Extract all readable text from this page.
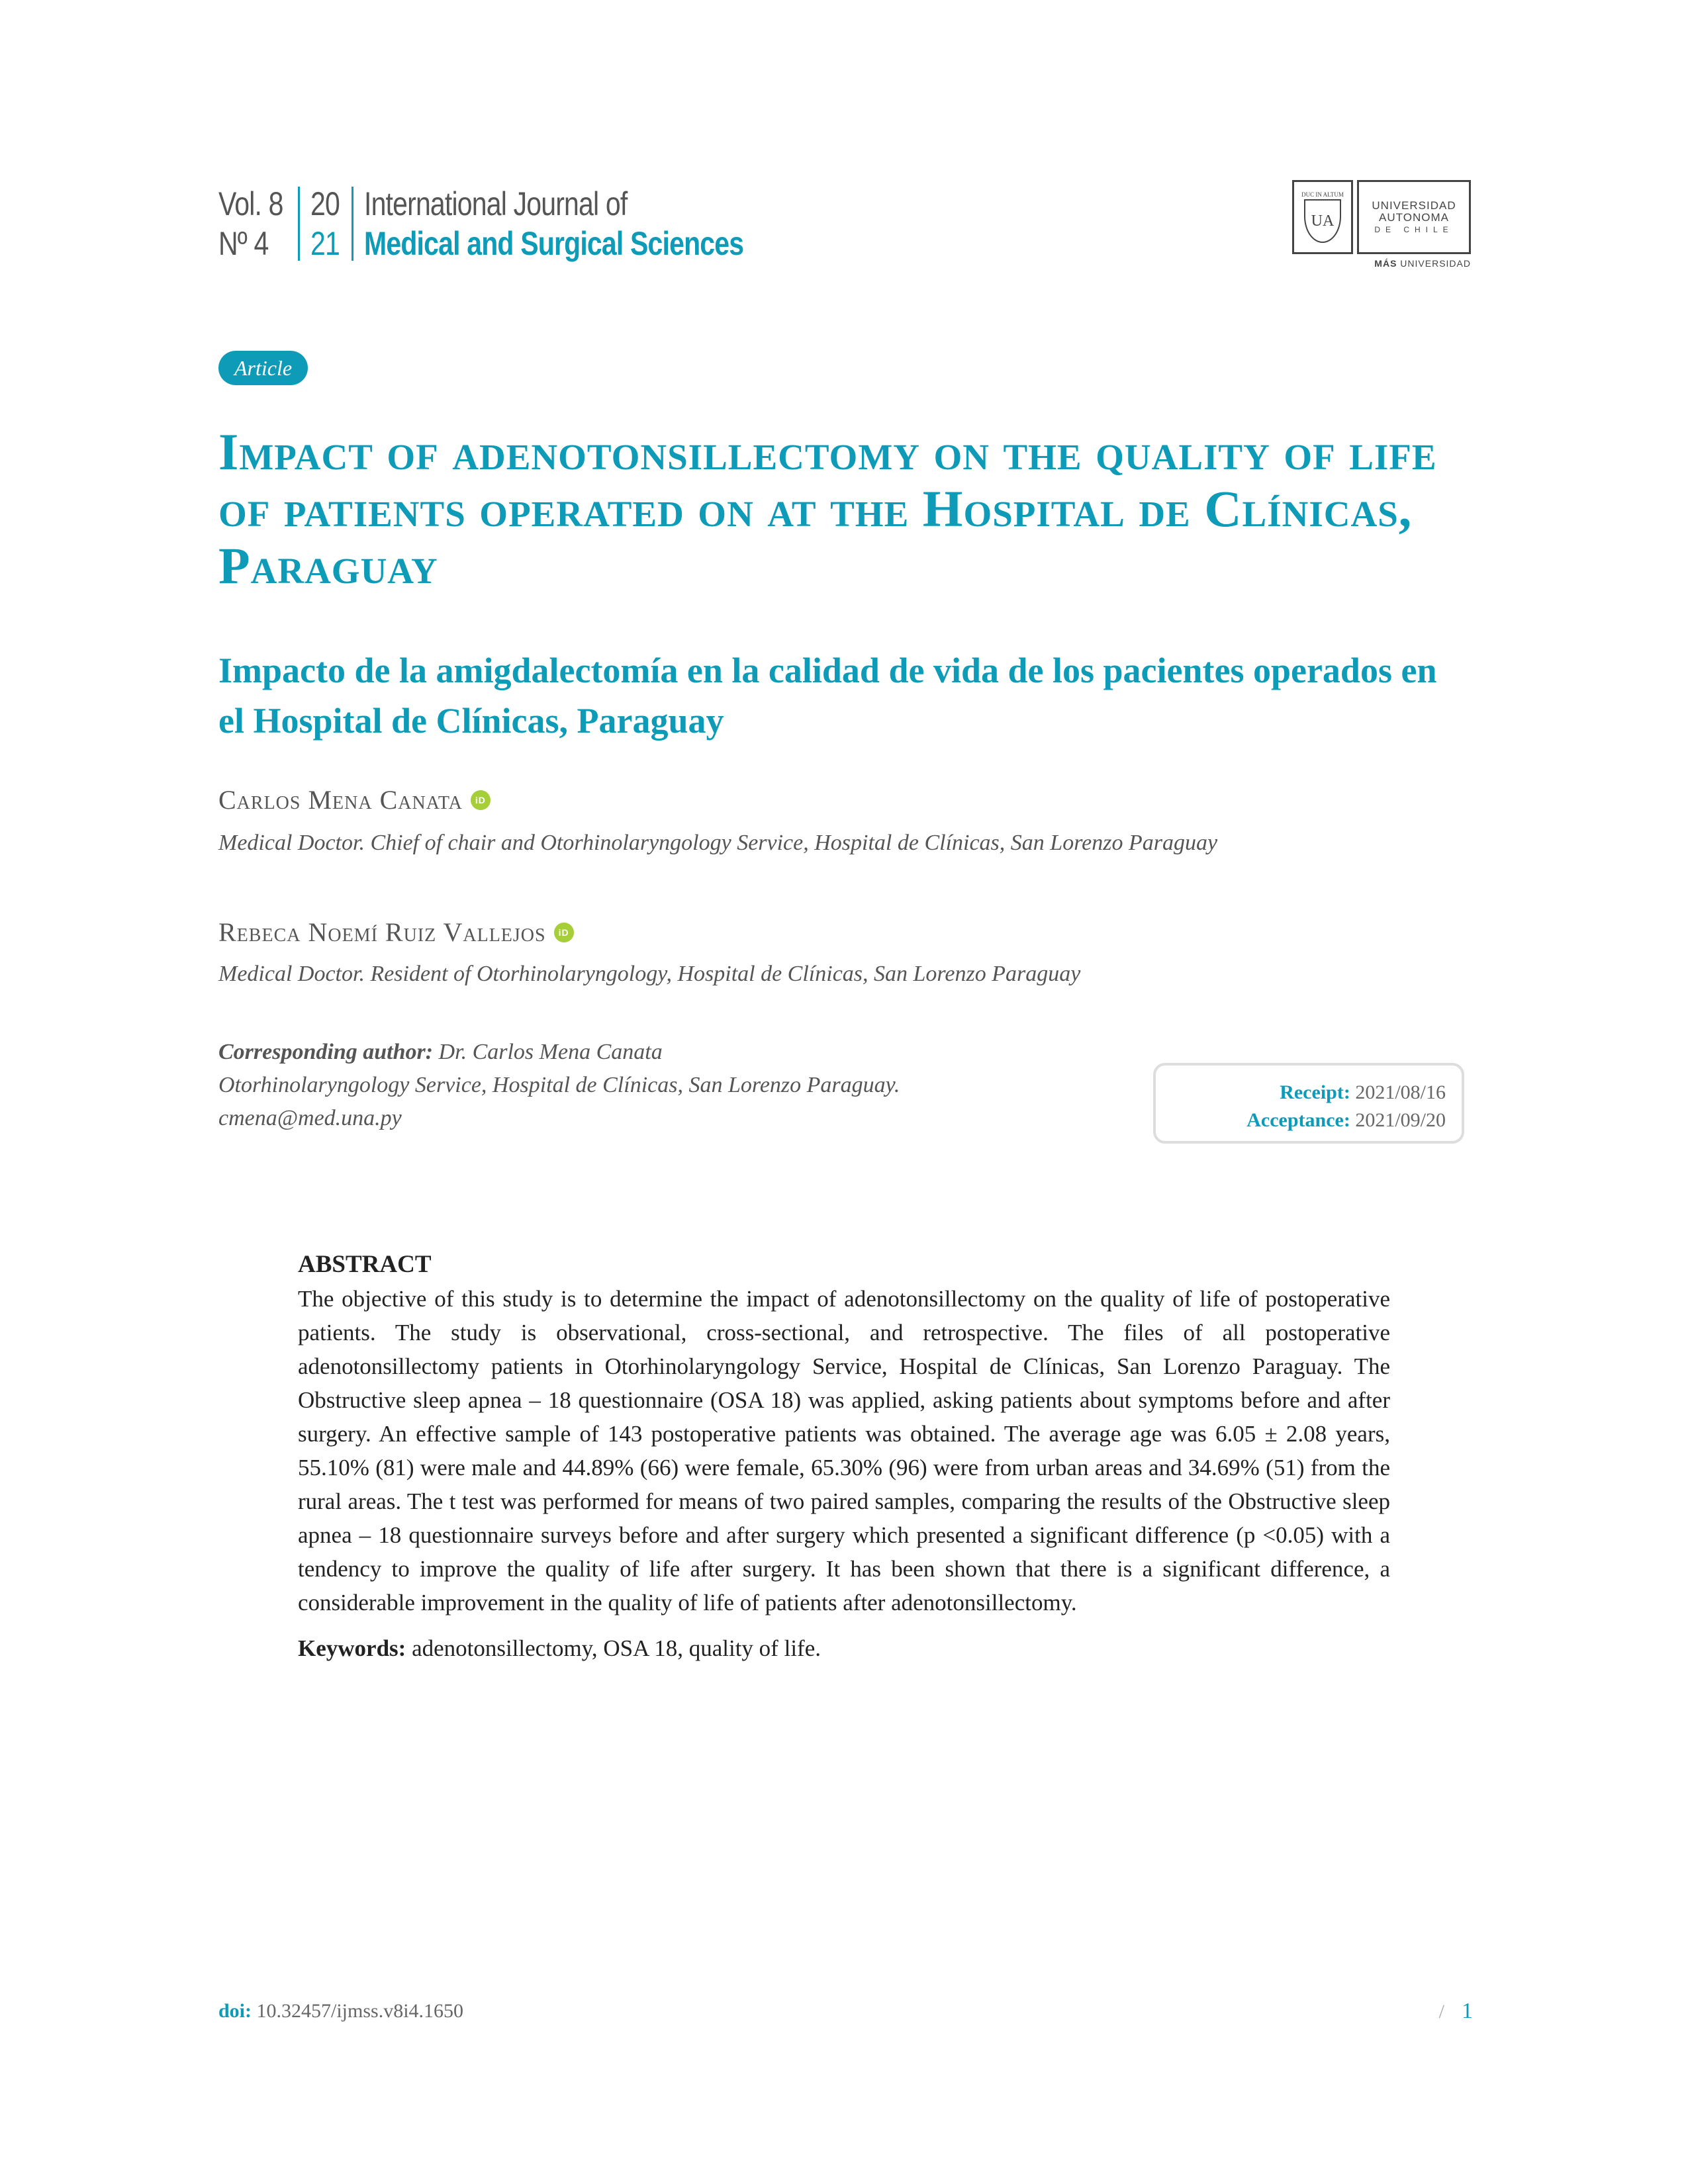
Vol. 8
Nº 4
20
21
International Journal of
Medical and Surgical Sciences
DUC IN ALTUM
UA
UNIVERSIDAD
AUTONOMA
DE CHILE
MÁS UNIVERSIDAD
Article
Impact of adenotonsillectomy on the quality of life of patients operated on at the Hospital de Clínicas, Paraguay
Impacto de la amigdalectomía en la calidad de vida de los pacientes operados en el Hospital de Clínicas, Paraguay
Carlos Mena Canata	iD
Medical Doctor. Chief of chair and Otorhinolaryngology Service, Hospital de Clínicas, San Lorenzo Paraguay
Rebeca Noemí Ruiz Vallejos	iD
Medical Doctor. Resident of Otorhinolaryngology, Hospital de Clínicas, San Lorenzo Paraguay
Corresponding author: Dr. Carlos Mena Canata
Otorhinolaryngology Service, Hospital de Clínicas, San Lorenzo Paraguay.
cmena@med.una.py
Receipt: 2021/08/16
Acceptance: 2021/09/20
ABSTRACT

The objective of this study is to determine the impact of adenotonsillectomy on the quality of life of postoperative patients. The study is observational, cross-sectional, and retrospective. The files of all postoperative adenotonsillectomy patients in Otorhinolaryngology Service, Hospital de Clínicas, San Lorenzo Paraguay. The Obstructive sleep apnea – 18 questionnaire (OSA 18) was applied, asking patients about symptoms before and after surgery. An effective sample of 143 postoperative patients was obtained. The average age was 6.05 ± 2.08 years, 55.10% (81) were male and 44.89% (66) were female, 65.30% (96) were from urban areas and 34.69% (51) from the rural areas. The t test was performed for means of two paired samples, comparing the results of the Obstructive sleep apnea – 18 questionnaire surveys before and after surgery which presented a significant difference (p <0.05) with a tendency to improve the quality of life after surgery. It has been shown that there is a significant difference, a considerable improvement in the quality of life of patients after adenotonsillectomy.

Keywords: adenotonsillectomy, OSA 18, quality of life.

doi: 10.32457/ijmss.v8i4.1650	/ 1
